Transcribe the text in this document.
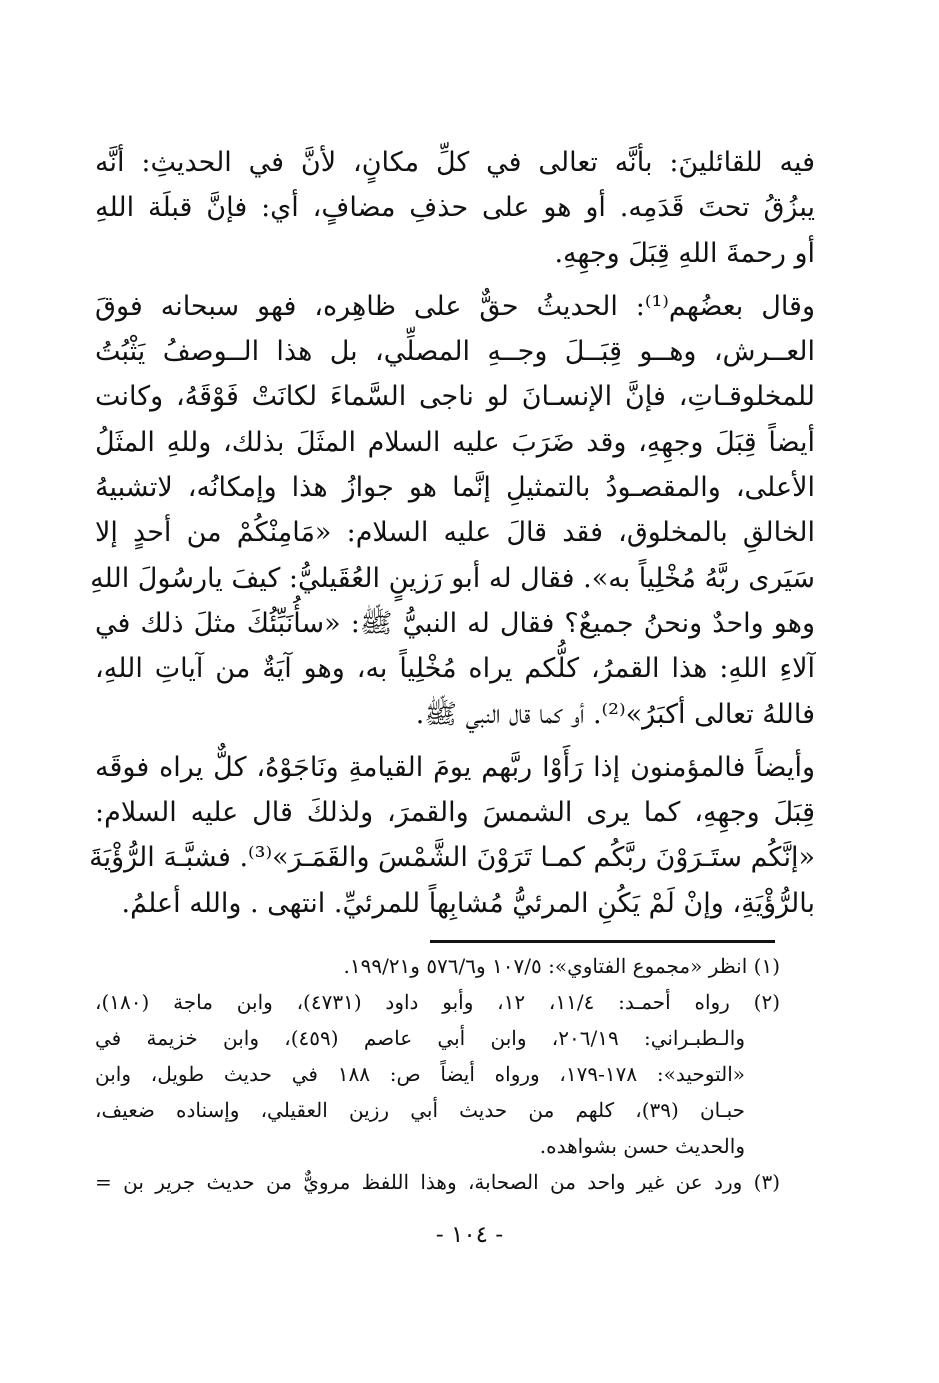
فيه للقائلينَ: بأنَّه تعالى في كلِّ مكانٍ، لأنَّ في الحديثِ: أنَّه
يبزُقُ تحتَ قَدَمِه. أو هو على حذفِ مضافٍ، أي: فإنَّ قبلَة اللهِ
أو رحمةَ اللهِ قِبَلَ وجهِهِ.
وقال بعضُهم⁽¹⁾: الحديثُ حقٌّ على ظاهِره، فهو سبحانه فوقَ
العــرش، وهــو قِبَــلَ وجــهِ المصلِّي، بل هذا الــوصفُ يَثْبُتُ
للمخلوقـاتِ، فإنَّ الإنسـانَ لو ناجى السَّماءَ لكانَتْ فَوْقَهُ، وكانت
أيضاً قِبَلَ وجهِهِ، وقد ضَرَبَ عليه السلام المثَلَ بذلك، وللهِ المثَلُ
الأعلى، والمقصـودُ بالتمثيلِ إنَّما هو جوازُ هذا وإمكانُه، لاتشبيهُ
الخالقِ بالمخلوق، فقد قالَ عليه السلام: «مَامِنْكُمْ من أحدٍ إلا
سَيَرى ربَّهُ مُخْلِياً به». فقال له أبو رَزينٍ العُقَيليُّ: كيفَ يارسُولَ اللهِ
وهو واحدٌ ونحنُ جميعٌ؟ فقال له النبيُّ ﷺ: «سأُنَبِّئُكَ مثلَ ذلك في
آلاءِ اللهِ: هذا القمرُ، كلُّكم يراه مُخْلِياً به، وهو آيَةٌ من آياتِ اللهِ،
فاللهُ تعالى أكبَرُ»⁽²⁾. أو كما قال النبي ﷺ.
وأيضاً فالمؤمنون إذا رَأَوْا ربَّهم يومَ القيامةِ ونَاجَوْهُ، كلٌّ يراه فوقَه
قِبَلَ وجهِهِ، كما يرى الشمسَ والقمرَ، ولذلكَ قال عليه السلام:
«إنَّكُم ستَـرَوْنَ ربَّكُم كمـا تَرَوْنَ الشَّمْسَ والقَمَـرَ»⁽³⁾. فشبَّـهَ الرُّؤْيَةَ
بالرُّؤْيَةِ، وإنْ لَمْ يَكُنِ المرئيُّ مُشابِهاً للمرئيِّ. انتهى . والله أعلمُ.
(١) انظر «مجموع الفتاوي»: ١٠٧/٥ و٥٧٦/٦ و١٩٩/٢١.
(٢) رواه أحمـد: ١١/٤، ١٢، وأبو داود (٤٧٣١)، وابن ماجة (١٨٠)،
والـطبـراني: ٢٠٦/١٩، وابن أبي عاصم (٤٥٩)، وابن خزيمة في
«التوحيد»: ١٧٨-١٧٩، ورواه أيضاً ص: ١٨٨ في حديث طويل، وابن
حبـان (٣٩)، كلهم من حديث أبي رزين العقيلي، وإسناده ضعيف،
والحديث حسن بشواهده.
(٣) ورد عن غير واحد من الصحابة، وهذا اللفظ مرويٌّ من حديث جرير بن =
- ١٠٤ -
